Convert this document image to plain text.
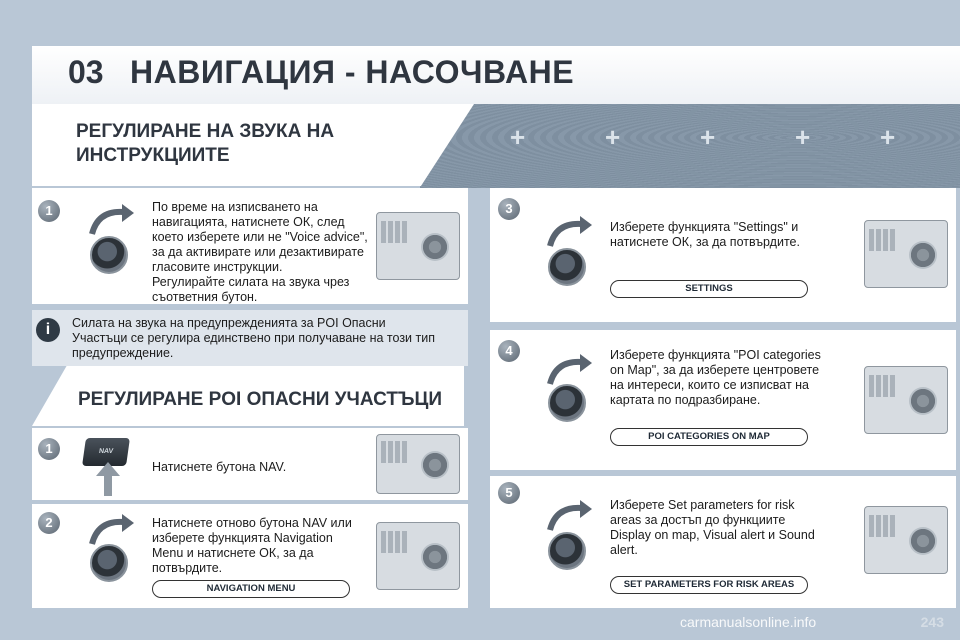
03 НАВИГАЦИЯ - НАСОЧВАНЕ
+	+	+	+	+
РЕГУЛИРАНЕ НА ЗВУКА НА
ИНСТРУКЦИИТЕ
1	По време на изписването на
навигацията, натиснете ОК, след
което изберете или не "Voice advice",
за да активирате или дезактивирате
гласовите инструкции.
Регулирайте силата на звука чрез
съответния бутон.
i	Силата на звука на предупрежденията за POI Опасни
Участъци се регулира единствено при получаване на този тип
предупреждение.
РЕГУЛИРАНЕ POI ОПАСНИ УЧАСТЪЦИ
1	NAV
Натиснете бутона NAV.
2	Натиснете отново бутона NAV или
изберете функцията Navigation
Menu и натиснете ОК, за да
потвърдите.
NAVIGATION MENU
3
Изберете функцията "Settings" и
натиснете ОК, за да потвърдите.
SETTINGS
4	Изберете функцията "POI categories
on Map", за да изберете центровете
на интереси, които се изписват на
картата по подразбиране.
POI CATEGORIES ON MAP
5
Изберете Set parameters for risk
areas за достъп до функциите
Display on map, Visual alert и Sound
alert.
SET PARAMETERS FOR RISK AREAS
243
carmanualsonline.info
